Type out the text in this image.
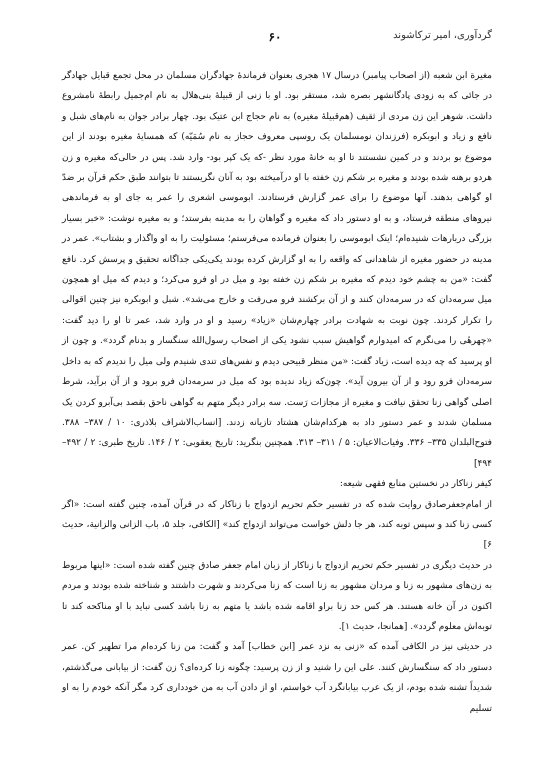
گردآوری، امیر ترکاشوند
۶۰

مغیرة ابن شعبه (از اصحاب پیامبر) درسال ۱۷ هجری بعنوان فرماندهٔ جهادگران مسلمان در محل تجمع قبایل جهادگر در جائی که به زودی پادگانشهر بصره شد، مستقر بود. او با زنی از قبیلهٔ بنی‌هلال به نام ام‌جمیل رابطهٔ نامشروع داشت. شوهر این زن مردی از ثقیف (هم‌قبیلهٔ مغیره) به نام حجاج ابن عتیک بود. چهار برادر جوان به نام‌های شبل و نافع و زیاد و ابوبکره (فرزندان نومسلمان یک روسپی معروف حجاز به نام سُمَیّه) که همسایهٔ مغیره بودند از این موضوع بو بردند و در کمین نشستند تا او به خانهٔ مورد نظر -که یک کپر بود- وارد شد. پس در حالی‌که مغیره و زن هردو برهنه شده بودند و مغیره بر شکم زن خفته با او درآمیخته بود به آنان نگریستند تا بتوانند طبق حکم قرآن بر ضدّ او گواهی بدهند. آنها موضوع را برای عمر گزارش فرستادند. ابوموسی اشعری را عمر به جای او به فرماندهی نیروهای منطقه فرستاد، و به او دستور داد که مغیره و گواهان را به مدینه بفرستد؛ و به مغیره نوشت: «خبر بسیار بزرگی دربارهات شنیده‌ام؛ اینک ابوموسی را بعنوان فرمانده می‌فرستم؛ مسئولیت را به او واگذار و بشتاب». عمر در مدینه در حضور مغیره از شاهدانی که واقعه را به او گزارش کرده بودند یکی‌یکی جداگانه تحقیق و پرسش کرد. نافع گفت: «من به چشم خود دیدم که مغیره بر شکم زن خفته بود و میل در او فرو می‌کرد؛ و دیدم که میل او همچون میل سرمه‌دان که در سرمه‌دان کنند و از آن برکشند فرو می‌رفت و خارج می‌شد». شبل و ابوبکره نیز چنین اقوالی را تکرار کردند. چون نوبت به شهادت برادر چهارم‌شان «زیاد» رسید و او در وارد شد، عمر تا او را دید گفت: «چهرهٔی را می‌نگرم که امیدوارم گواهیش سبب نشود یکی از اصحاب رسول‌الله سنگسار و بدنام گردد». و چون از او پرسید که چه دیده است، زیاد گفت: «من منظر قبیحی دیدم و نفس‌های تندی شنیدم ولی میل را ندیدم که به داخل سرمه‌دان فرو رود و از آن بیرون آید». چون‌که زیاد ندیده بود که میل در سرمه‌دان فرو برود و از آن برآید، شرط اصلی گواهی زنا تحقق نیافت و مغیره از مجازات رَست. سه برادر دیگر متهم به گواهی ناحق بقصد بی‌آبرو کردن یک مسلمان شدند و عمر دستور داد به هرکدام‌شان هشتاد تازیانه زدند. [انساب‌الاشراف بلاذری: ۱۰ / ۳۸۷– ۳۸۸. فتوح‌البلدان ۳۳۵– ۳۳۶. وفیات‌الاعیان: ۵ / ۳۱۱– ۳۱۳. همچنین بنگرید: تاریخ یعقوبی: ۲ / ۱۴۶. تاریخ طبری: ۲ / ۴۹۲– ۴۹۴]

کیفر زناکار در نخستین منابع فقهی شیعه:

از امام‌جعفرصادق روایت شده که در تفسیر حکم تحریم ازدواج با زناکار که در قرآن آمده، چنین گفته است: «اگر کسی زنا کند و سپس توبه کند، هر جا دلش خواست می‌تواند ازدواج کند» [الکافی، جلد ۵، باب الزانی والزانیة، حدیث ۶]

در حدیث دیگری در تفسیر حکم تحریم ازدواج با زناکار از زبان امام جعفر صادق چنین گفته شده است: «اینها مربوط به زن‌های مشهور به زنا و مردان مشهور به زنا است که زنا می‌کردند و شهرت داشتند و شناخته شده بودند و مردم اکنون در آن خانه هستند. هر کس حد زنا براو اقامه شده باشد یا متهم به زنا باشد کسی نباید با او مناکحه کند تا توبه‌اش معلوم گردد». [همانجا، حدیث ۱].

در حدیثی نیز در الکافی آمده که «زنی به نزد عمر [ابن خطاب] آمد و گفت: من زنا کرده‌ام مرا تطهیر کن. عمر دستور داد که سنگسارش کنند. علی این را شنید و از زن پرسید: چگونه زنا کرده‌ای؟ زن گفت: از بیابانی می‌گذشتم، شدیداً تشنه شده بودم، از یک عرب بیابانگرد آب خواستم، او از دادن آب به من خودداری کرد مگر آنکه خودم را به او تسلیم
